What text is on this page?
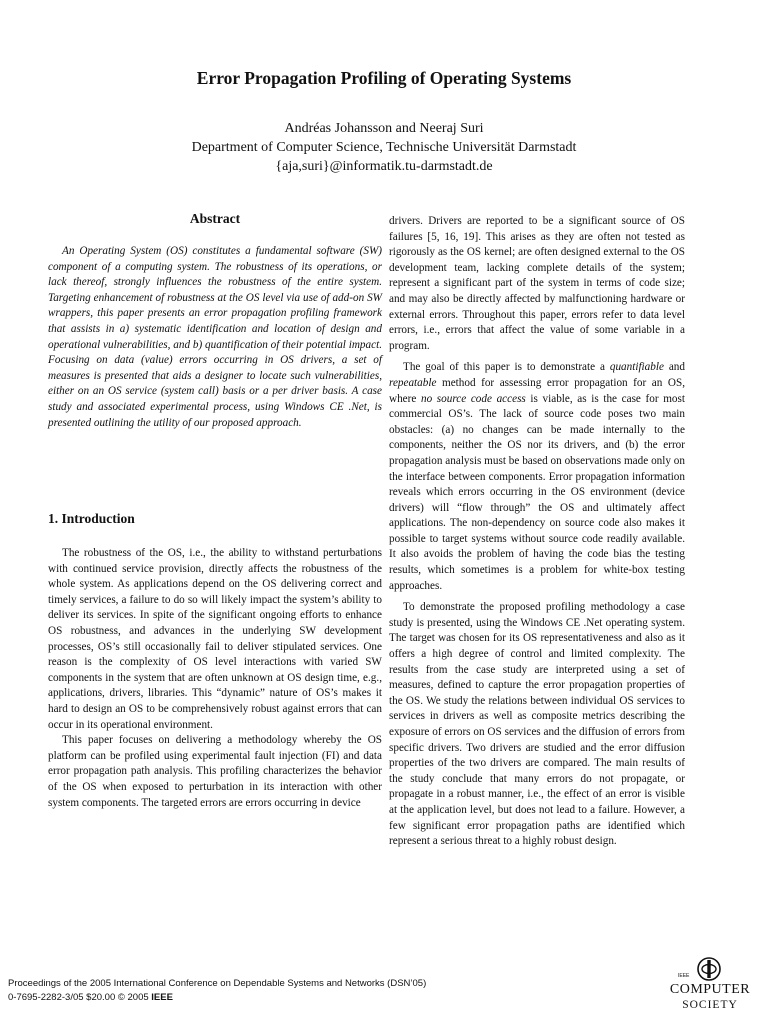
Error Propagation Profiling of Operating Systems
Andréas Johansson and Neeraj Suri
Department of Computer Science, Technische Universität Darmstadt
{aja,suri}@informatik.tu-darmstadt.de
Abstract

An Operating System (OS) constitutes a fundamental software (SW) component of a computing system. The robustness of its operations, or lack thereof, strongly influences the robustness of the entire system. Targeting enhancement of robustness at the OS level via use of add-on SW wrappers, this paper presents an error propagation profiling framework that assists in a) systematic identification and location of design and operational vulnerabilities, and b) quantification of their potential impact. Focusing on data (value) errors occurring in OS drivers, a set of measures is presented that aids a designer to locate such vulnerabilities, either on an OS service (system call) basis or a per driver basis. A case study and associated experimental process, using Windows CE .Net, is presented outlining the utility of our proposed approach.

1. Introduction

The robustness of the OS, i.e., the ability to withstand perturbations with continued service provision, directly affects the robustness of the whole system. As applications depend on the OS delivering correct and timely services, a failure to do so will likely impact the system’s ability to deliver its services. In spite of the significant ongoing efforts to enhance OS robustness, and advances in the underlying SW development processes, OS’s still occasionally fail to deliver stipulated services. One reason is the complexity of OS level interactions with varied SW components in the system that are often unknown at OS design time, e.g., applications, drivers, libraries. This “dynamic” nature of OS’s makes it hard to design an OS to be comprehensively robust against errors that can occur in its operational environment.

This paper focuses on delivering a methodology whereby the OS platform can be profiled using experimental fault injection (FI) and data error propagation path analysis. This profiling characterizes the behavior of the OS when exposed to perturbation in its interaction with other system components. The targeted errors are errors occurring in device

drivers. Drivers are reported to be a significant source of OS failures [5, 16, 19]. This arises as they are often not tested as rigorously as the OS kernel; are often designed external to the OS development team, lacking complete details of the system; represent a significant part of the system in terms of code size; and may also be directly affected by malfunctioning hardware or external errors. Throughout this paper, errors refer to data level errors, i.e., errors that affect the value of some variable in a program.

The goal of this paper is to demonstrate a quantifiable and repeatable method for assessing error propagation for an OS, where no source code access is viable, as is the case for most commercial OS’s. The lack of source code poses two main obstacles: (a) no changes can be made internally to the components, neither the OS nor its drivers, and (b) the error propagation analysis must be based on observations made only on the interface between components. Error propagation information reveals which errors occurring in the OS environment (device drivers) will “flow through” the OS and ultimately affect applications. The non-dependency on source code also makes it possible to target systems without source code readily available. It also avoids the problem of having the code bias the testing results, which sometimes is a problem for white-box testing approaches.

To demonstrate the proposed profiling methodology a case study is presented, using the Windows CE .Net operating system. The target was chosen for its OS representativeness and also as it offers a high degree of control and limited complexity. The results from the case study are interpreted using a set of measures, defined to capture the error propagation properties of the OS. We study the relations between individual OS services to services in drivers as well as composite metrics describing the exposure of errors on OS services and the diffusion of errors from specific drivers. Two drivers are studied and the error diffusion properties of the two drivers are compared. The main results of the study conclude that many errors do not propagate, or propagate in a robust manner, i.e., the effect of an error is visible at the application level, but does not lead to a failure. However, a few significant error propagation paths are identified which represent a serious threat to a highly robust design.

Proceedings of the 2005 International Conference on Dependable Systems and Networks (DSN’05)
0-7695-2282-3/05 $20.00 © 2005 IEEE
IEEE
COMPUTER
SOCIETY
